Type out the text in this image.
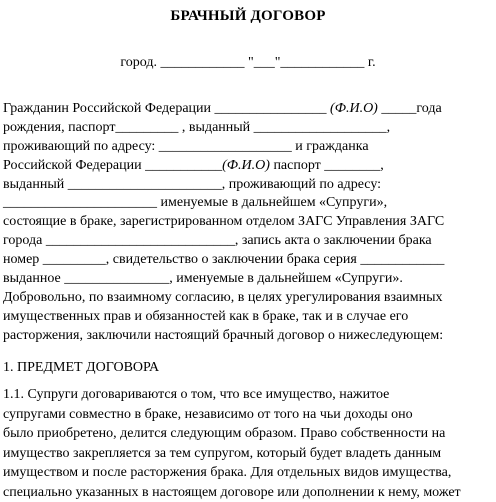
БРАЧНЫЙ ДОГОВОР
город. ____________ "___"____________ г.
Гражданин Российской Федерации ________________ (Ф.И.О) _____года
рождения, паспорт_________ , выданный ___________________,
проживающий по адресу: ___________________ и гражданка
Российской Федерации ___________(Ф.И.О) паспорт ________,
выданный ______________________, проживающий по адресу:
______________________ именуемые в дальнейшем «Супруги»,
состоящие в браке, зарегистрированном отделом ЗАГС Управления ЗАГС
города ___________________________, запись акта о заключении брака
номер _________, свидетельство о заключении брака серия ____________
выданное _______________, именуемые в дальнейшем «Супруги».
Добровольно, по взаимному согласию, в целях урегулирования взаимных
имущественных прав и обязанностей как в браке, так и в случае его
расторжения, заключили настоящий брачный договор о нижеследующем:
1. ПРЕДМЕТ ДОГОВОРА
1.1. Супруги договариваются о том, что все имущество, нажитое
супругами совместно в браке, независимо от того на чьи доходы оно
было приобретено, делится следующим образом. Право собственности на
имущество закрепляется за тем супругом, который будет владеть данным
имуществом и после расторжения брака. Для отдельных видов имущества,
специально указанных в настоящем договоре или дополнении к нему, может
